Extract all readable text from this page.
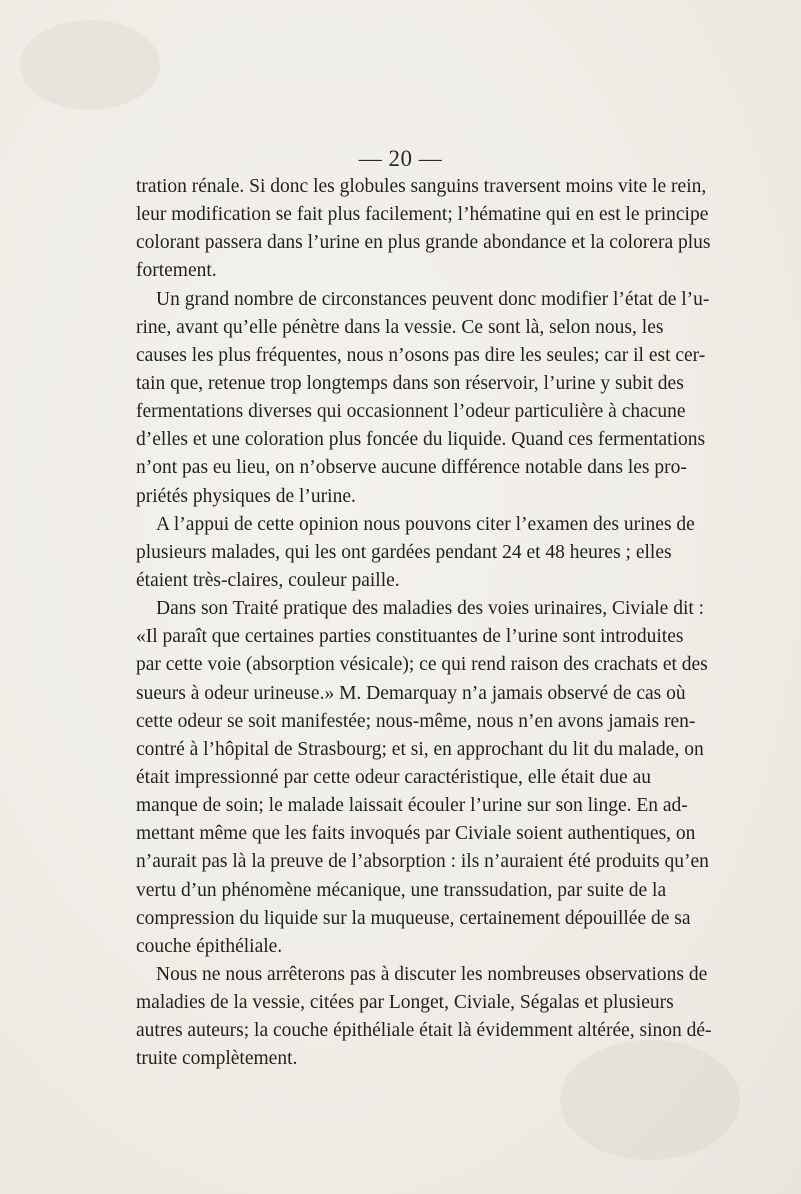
— 20 —
tration rénale. Si donc les globules sanguins traversent moins vite le rein,
leur modification se fait plus facilement; l’hématine qui en est le principe
colorant passera dans l’urine en plus grande abondance et la colorera plus
fortement.
Un grand nombre de circonstances peuvent donc modifier l’état de l’u-
rine, avant qu’elle pénètre dans la vessie. Ce sont là, selon nous, les
causes les plus fréquentes, nous n’osons pas dire les seules; car il est cer-
tain que, retenue trop longtemps dans son réservoir, l’urine y subit des
fermentations diverses qui occasionnent l’odeur particulière à chacune
d’elles et une coloration plus foncée du liquide. Quand ces fermentations
n’ont pas eu lieu, on n’observe aucune différence notable dans les pro-
priétés physiques de l’urine.
A l’appui de cette opinion nous pouvons citer l’examen des urines de
plusieurs malades, qui les ont gardées pendant 24 et 48 heures ; elles
étaient très-claires, couleur paille.
Dans son Traité pratique des maladies des voies urinaires, Civiale dit :
«Il paraît que certaines parties constituantes de l’urine sont introduites
par cette voie (absorption vésicale); ce qui rend raison des crachats et des
sueurs à odeur urineuse.» M. Demarquay n’a jamais observé de cas où
cette odeur se soit manifestée; nous-même, nous n’en avons jamais ren-
contré à l’hôpital de Strasbourg; et si, en approchant du lit du malade, on
était impressionné par cette odeur caractéristique, elle était due au
manque de soin; le malade laissait écouler l’urine sur son linge. En ad-
mettant même que les faits invoqués par Civiale soient authentiques, on
n’aurait pas là la preuve de l’absorption : ils n’auraient été produits qu’en
vertu d’un phénomène mécanique, une transsudation, par suite de la
compression du liquide sur la muqueuse, certainement dépouillée de sa
couche épithéliale.
Nous ne nous arrêterons pas à discuter les nombreuses observations de
maladies de la vessie, citées par Longet, Civiale, Ségalas et plusieurs
autres auteurs; la couche épithéliale était là évidemment altérée, sinon dé-
truite complètement.
